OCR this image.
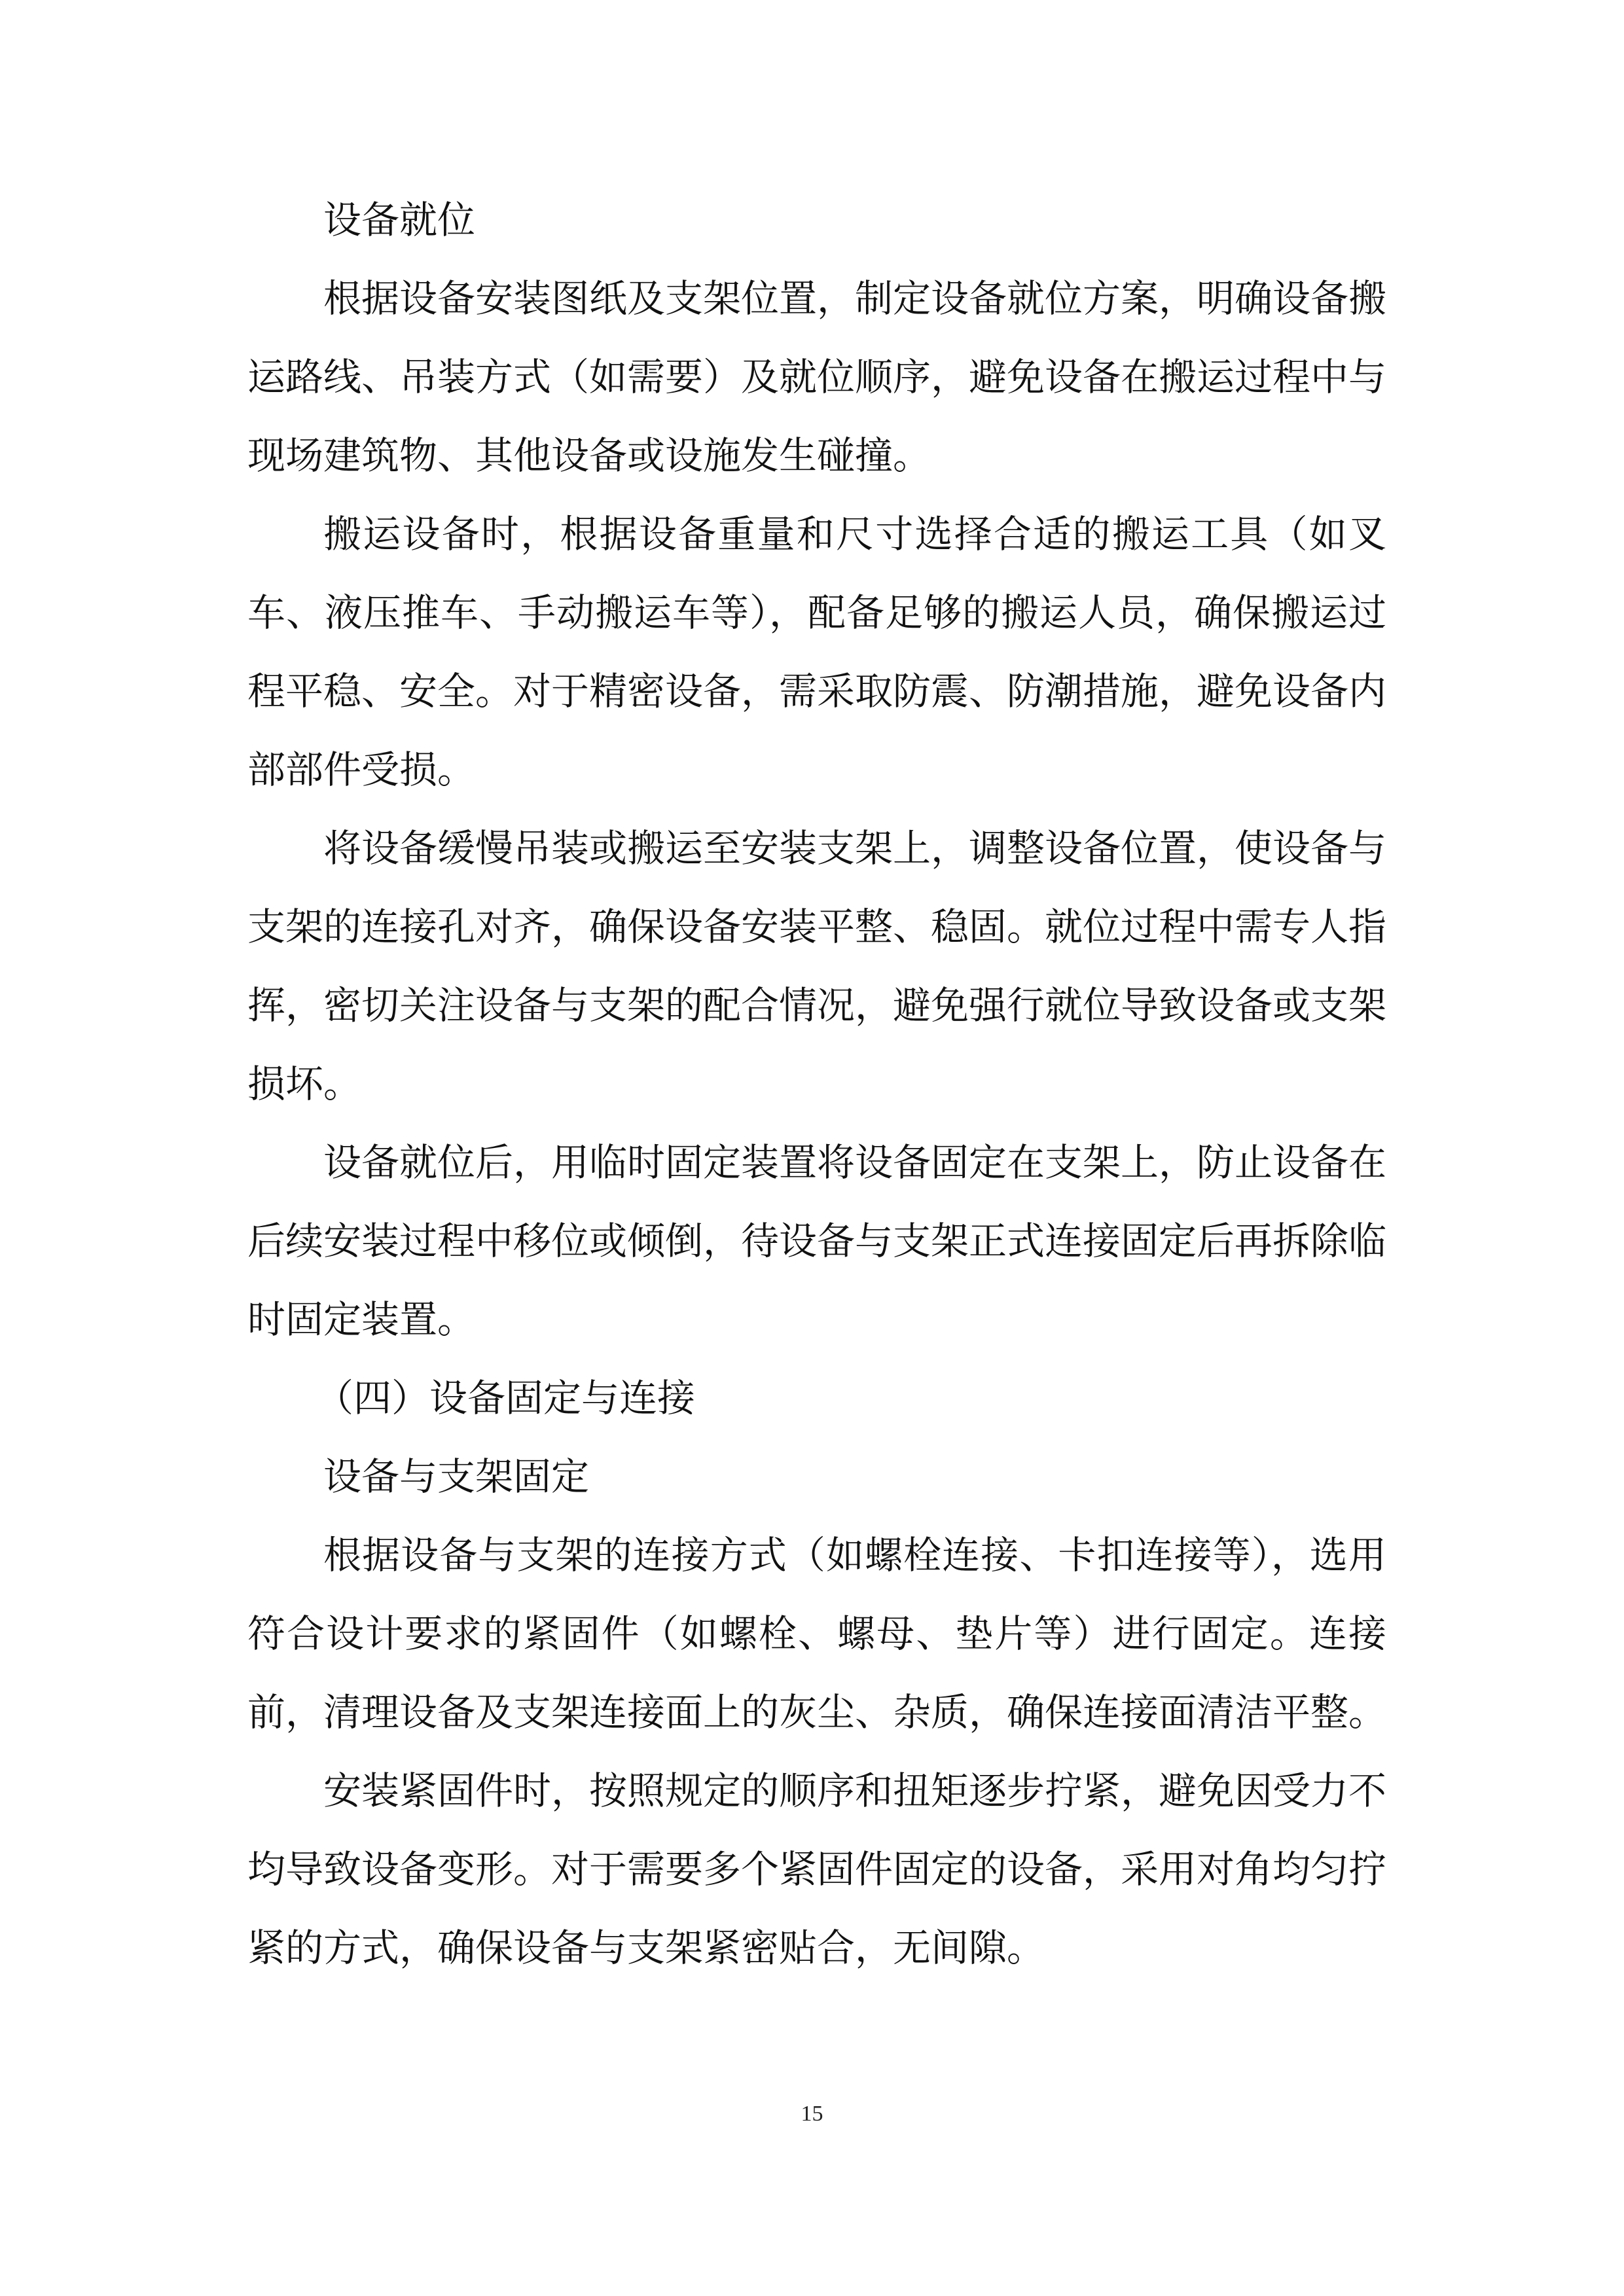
设备就位

根据设备安装图纸及支架位置，制定设备就位方案，明确设备搬运路线、吊装方式（如需要）及就位顺序，避免设备在搬运过程中与现场建筑物、其他设备或设施发生碰撞。

搬运设备时，根据设备重量和尺寸选择合适的搬运工具（如叉车、液压推车、手动搬运车等），配备足够的搬运人员，确保搬运过程平稳、安全。对于精密设备，需采取防震、防潮措施，避免设备内部部件受损。

将设备缓慢吊装或搬运至安装支架上，调整设备位置，使设备与支架的连接孔对齐，确保设备安装平整、稳固。就位过程中需专人指挥，密切关注设备与支架的配合情况，避免强行就位导致设备或支架损坏。

设备就位后，用临时固定装置将设备固定在支架上，防止设备在后续安装过程中移位或倾倒，待设备与支架正式连接固定后再拆除临时固定装置。

（四）设备固定与连接

设备与支架固定

根据设备与支架的连接方式（如螺栓连接、卡扣连接等），选用符合设计要求的紧固件（如螺栓、螺母、垫片等）进行固定。连接前，清理设备及支架连接面上的灰尘、杂质，确保连接面清洁平整。

安装紧固件时，按照规定的顺序和扭矩逐步拧紧，避免因受力不均导致设备变形。对于需要多个紧固件固定的设备，采用对角均匀拧紧的方式，确保设备与支架紧密贴合，无间隙。

15
